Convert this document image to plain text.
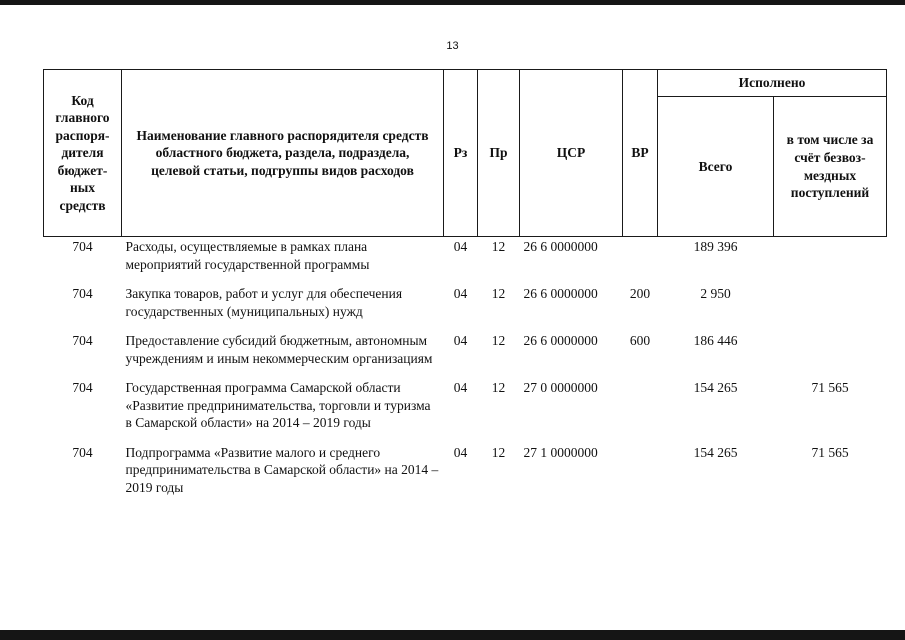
13
Код главного распоря-дителя бюджет-ных средств	Наименование главного распорядителя средств областного бюджета, раздела, подраздела, целевой статьи, подгруппы видов расходов	Рз	Пр	ЦСР	ВР	Исполнено	
						Всего	в том числе за счёт безвоз-мездных поступлений
704	Расходы, осуществляемые в рамках плана мероприятий государственной программы	04	12	26 6 0000000		189 396	
704	Закупка товаров, работ и услуг для обеспечения государственных (муниципальных) нужд	04	12	26 6 0000000	200	2 950	
704	Предоставление субсидий бюджетным, автономным учреждениям и иным некоммерческим организациям	04	12	26 6 0000000	600	186 446	
704	Государственная программа Самарской области «Развитие предпринимательства, торговли и туризма в Самарской области» на 2014 – 2019 годы	04	12	27 0 0000000		154 265	71 565
704	Подпрограмма «Развитие малого и среднего предпринимательства в Самарской области» на 2014 – 2019 годы	04	12	27 1 0000000		154 265	71 565
